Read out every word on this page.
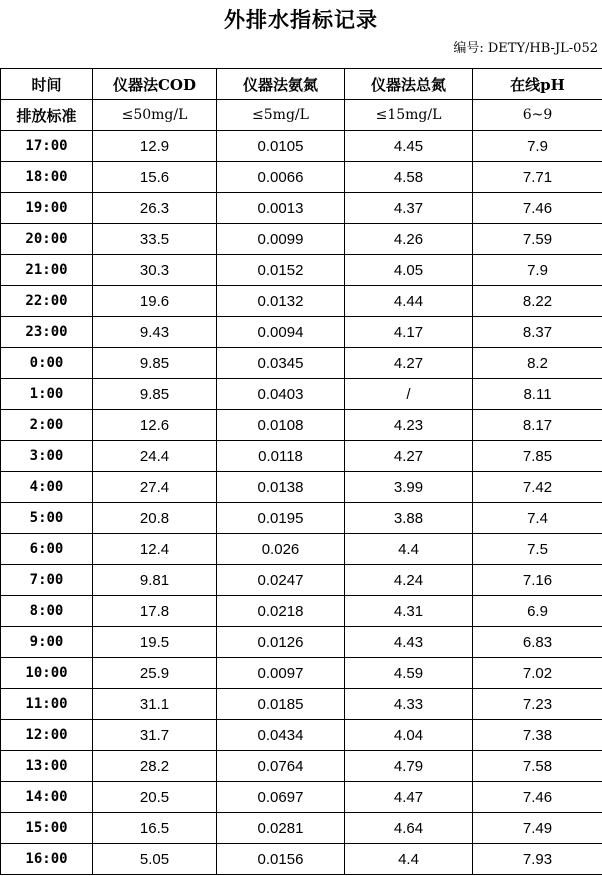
外排水指标记录
编号: DETY/HB-JL-052
时间	仪器法COD	仪器法氨氮	仪器法总氮	在线pH
排放标准	≤50mg/L	≤5mg/L	≤15mg/L	6~9
17:00	12.9	0.0105	4.45	7.9
18:00	15.6	0.0066	4.58	7.71
19:00	26.3	0.0013	4.37	7.46
20:00	33.5	0.0099	4.26	7.59
21:00	30.3	0.0152	4.05	7.9
22:00	19.6	0.0132	4.44	8.22
23:00	9.43	0.0094	4.17	8.37
0:00	9.85	0.0345	4.27	8.2
1:00	9.85	0.0403	/	8.11
2:00	12.6	0.0108	4.23	8.17
3:00	24.4	0.0118	4.27	7.85
4:00	27.4	0.0138	3.99	7.42
5:00	20.8	0.0195	3.88	7.4
6:00	12.4	0.026	4.4	7.5
7:00	9.81	0.0247	4.24	7.16
8:00	17.8	0.0218	4.31	6.9
9:00	19.5	0.0126	4.43	6.83
10:00	25.9	0.0097	4.59	7.02
11:00	31.1	0.0185	4.33	7.23
12:00	31.7	0.0434	4.04	7.38
13:00	28.2	0.0764	4.79	7.58
14:00	20.5	0.0697	4.47	7.46
15:00	16.5	0.0281	4.64	7.49
16:00	5.05	0.0156	4.4	7.93
